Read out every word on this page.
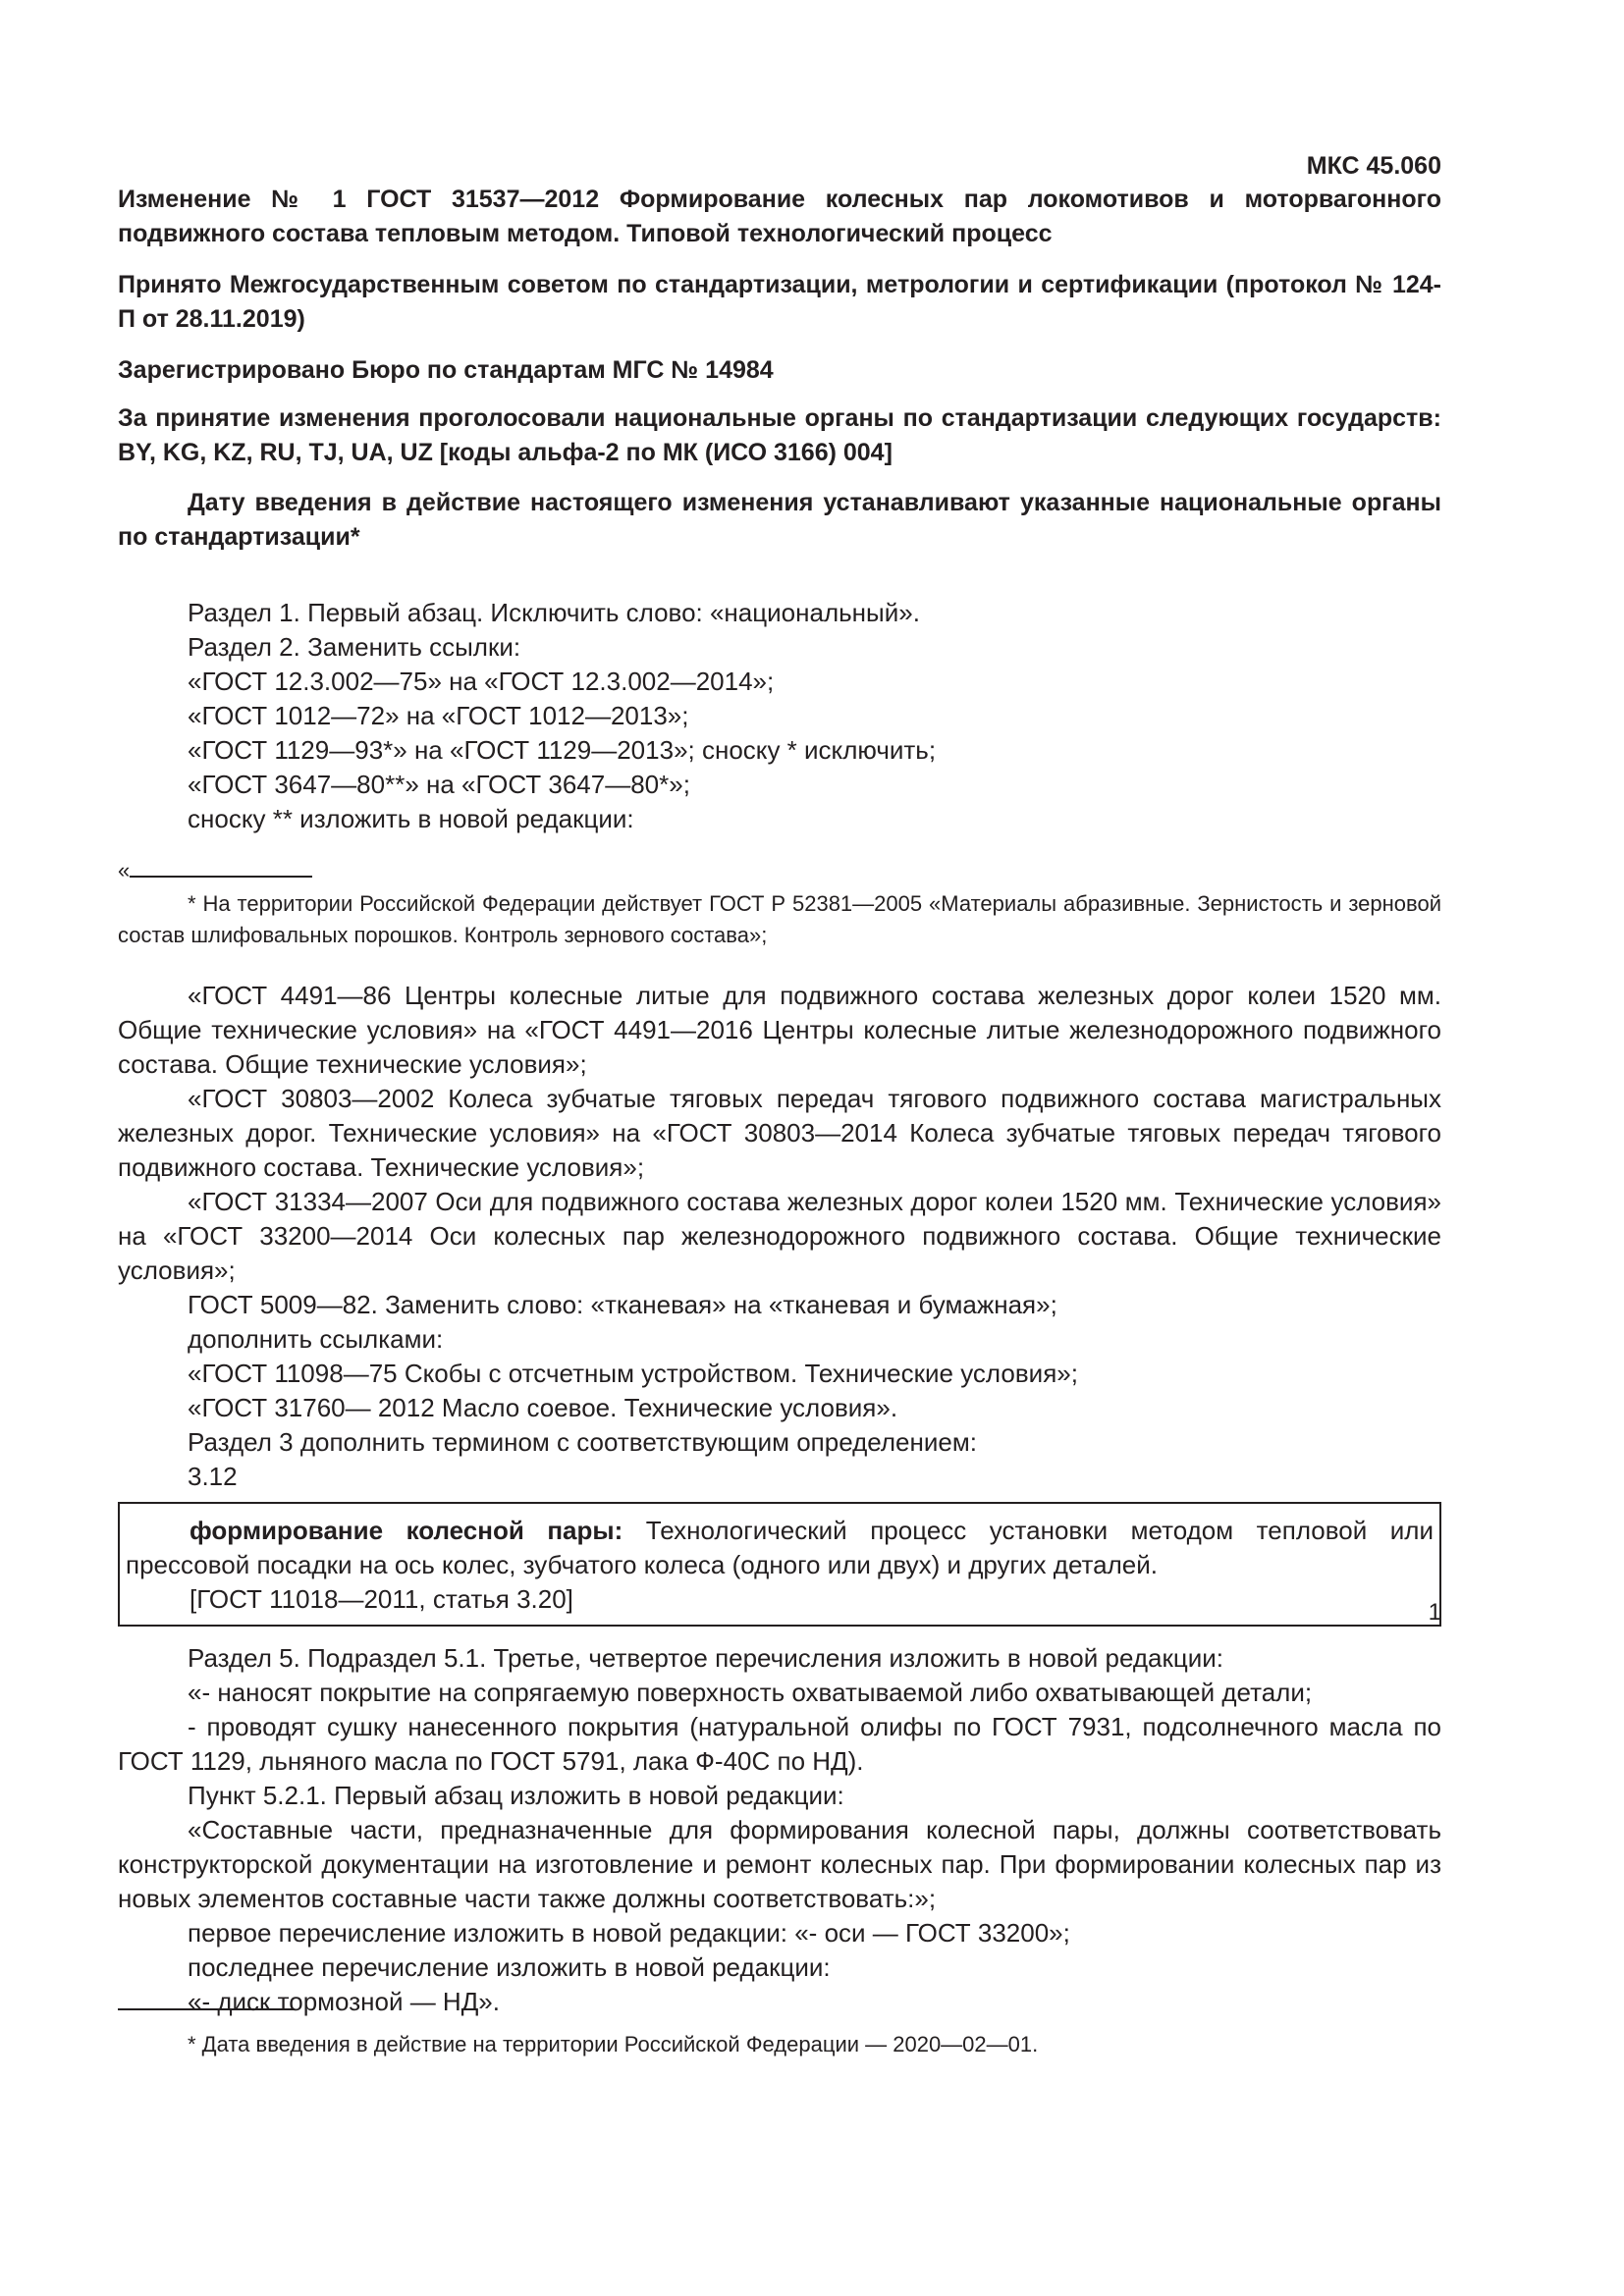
МКС 45.060

Изменение № 1 ГОСТ 31537—2012 Формирование колесных пар локомотивов и моторвагонного подвижного состава тепловым методом. Типовой технологический процесс

Принято Межгосударственным советом по стандартизации, метрологии и сертификации (протокол № 124-П от 28.11.2019)

Зарегистрировано Бюро по стандартам МГС № 14984

За принятие изменения проголосовали национальные органы по стандартизации следующих государств: BY, KG, KZ, RU, TJ, UA, UZ [коды альфа-2 по МК (ИСО 3166) 004]

Дату введения в действие настоящего изменения устанавливают указанные национальные органы по стандартизации*

Раздел 1. Первый абзац. Исключить слово: «национальный».

Раздел 2. Заменить ссылки:

«ГОСТ 12.3.002—75» на «ГОСТ 12.3.002—2014»;

«ГОСТ 1012—72» на «ГОСТ 1012—2013»;

«ГОСТ 1129—93*» на «ГОСТ 1129—2013»; сноску * исключить;

«ГОСТ 3647—80**» на «ГОСТ 3647—80*»;

сноску ** изложить в новой редакции:

«
* На территории Российской Федерации действует ГОСТ Р 52381—2005 «Материалы абразивные. Зернистость и зерновой состав шлифовальных порошков. Контроль зернового состава»;

«ГОСТ 4491—86 Центры колесные литые для подвижного состава железных дорог колеи 1520 мм. Общие технические условия» на «ГОСТ 4491—2016 Центры колесные литые железнодорожного подвижного состава. Общие технические условия»;

«ГОСТ 30803—2002 Колеса зубчатые тяговых передач тягового подвижного состава магистральных железных дорог. Технические условия» на «ГОСТ 30803—2014 Колеса зубчатые тяговых передач тягового подвижного состава. Технические условия»;

«ГОСТ 31334—2007 Оси для подвижного состава железных дорог колеи 1520 мм. Технические условия» на «ГОСТ 33200—2014 Оси колесных пар железнодорожного подвижного состава. Общие технические условия»;

ГОСТ 5009—82. Заменить слово: «тканевая» на «тканевая и бумажная»;

дополнить ссылками:

«ГОСТ 11098—75 Скобы с отсчетным устройством. Технические условия»;

«ГОСТ 31760— 2012 Масло соевое. Технические условия».

Раздел 3 дополнить термином с соответствующим определением:

3.12

формирование колесной пары: Технологический процесс установки методом тепловой или прессовой посадки на ось колес, зубчатого колеса (одного или двух) и других деталей.

[ГОСТ 11018—2011, статья 3.20]

Раздел 5. Подраздел 5.1. Третье, четвертое перечисления изложить в новой редакции:

«- наносят покрытие на сопрягаемую поверхность охватываемой либо охватывающей детали;

- проводят сушку нанесенного покрытия (натуральной олифы по ГОСТ 7931, подсолнечного масла по ГОСТ 1129, льняного масла по ГОСТ 5791, лака Ф-40С по НД).

Пункт 5.2.1. Первый абзац изложить в новой редакции:

«Составные части, предназначенные для формирования колесной пары, должны соответствовать конструкторской документации на изготовление и ремонт колесных пар. При формировании колесных пар из новых элементов составные части также должны соответствовать:»;

первое перечисление изложить в новой редакции: «- оси — ГОСТ 33200»;

последнее перечисление изложить в новой редакции:

«- диск тормозной — НД».

* Дата введения в действие на территории Российской Федерации — 2020—02—01.
1
